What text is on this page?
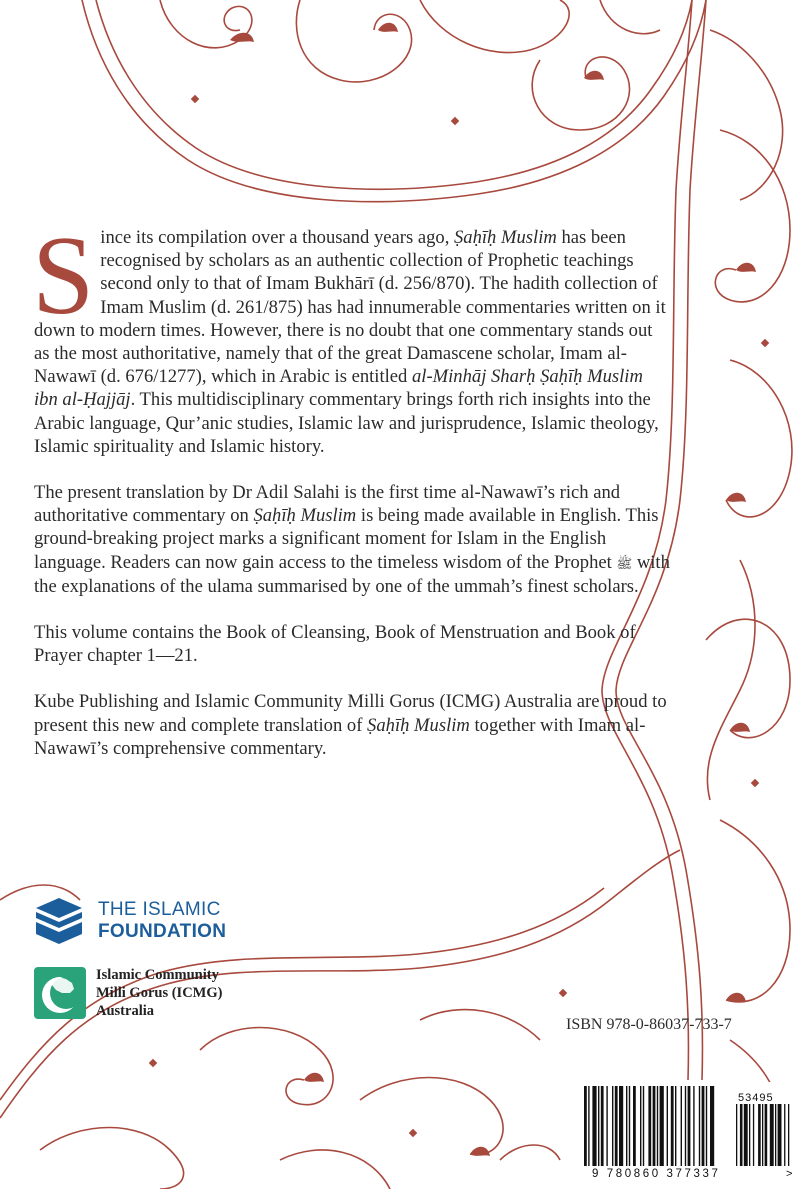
Since its compilation over a thousand years ago, Ṣaḥīḥ Muslim has been recognised by scholars as an authentic collection of Prophetic teachings second only to that of Imam Bukhārī (d. 256/870). The hadith collection of Imam Muslim (d. 261/875) has had innumerable commentaries written on it down to modern times. However, there is no doubt that one commentary stands out as the most authoritative, namely that of the great Damascene scholar, Imam al-Nawawī (d. 676/1277), which in Arabic is entitled al-Minhāj Sharḥ Ṣaḥīḥ Muslim ibn al-Ḥajjāj. This multidisciplinary commentary brings forth rich insights into the Arabic language, Qur’anic studies, Islamic law and jurisprudence, Islamic theology, Islamic spirituality and Islamic history.

The present translation by Dr Adil Salahi is the first time al-Nawawī’s rich and authoritative commentary on Ṣaḥīḥ Muslim is being made available in English. This ground-breaking project marks a significant moment for Islam in the English language. Readers can now gain access to the timeless wisdom of the Prophet ﷺ with the explanations of the ulama summarised by one of the ummah’s finest scholars.

This volume contains the Book of Cleansing, Book of Menstruation and Book of Prayer chapter 1—21.

Kube Publishing and Islamic Community Milli Gorus (ICMG) Australia are proud to present this new and complete translation of Ṣaḥīḥ Muslim together with Imam al-Nawawī’s comprehensive commentary.

THE ISLAMIC
FOUNDATION
Islamic Community
Milli Gorus (ICMG)
Australia
ISBN 978-0-86037-733-7
53495
9 780860 377337	>
